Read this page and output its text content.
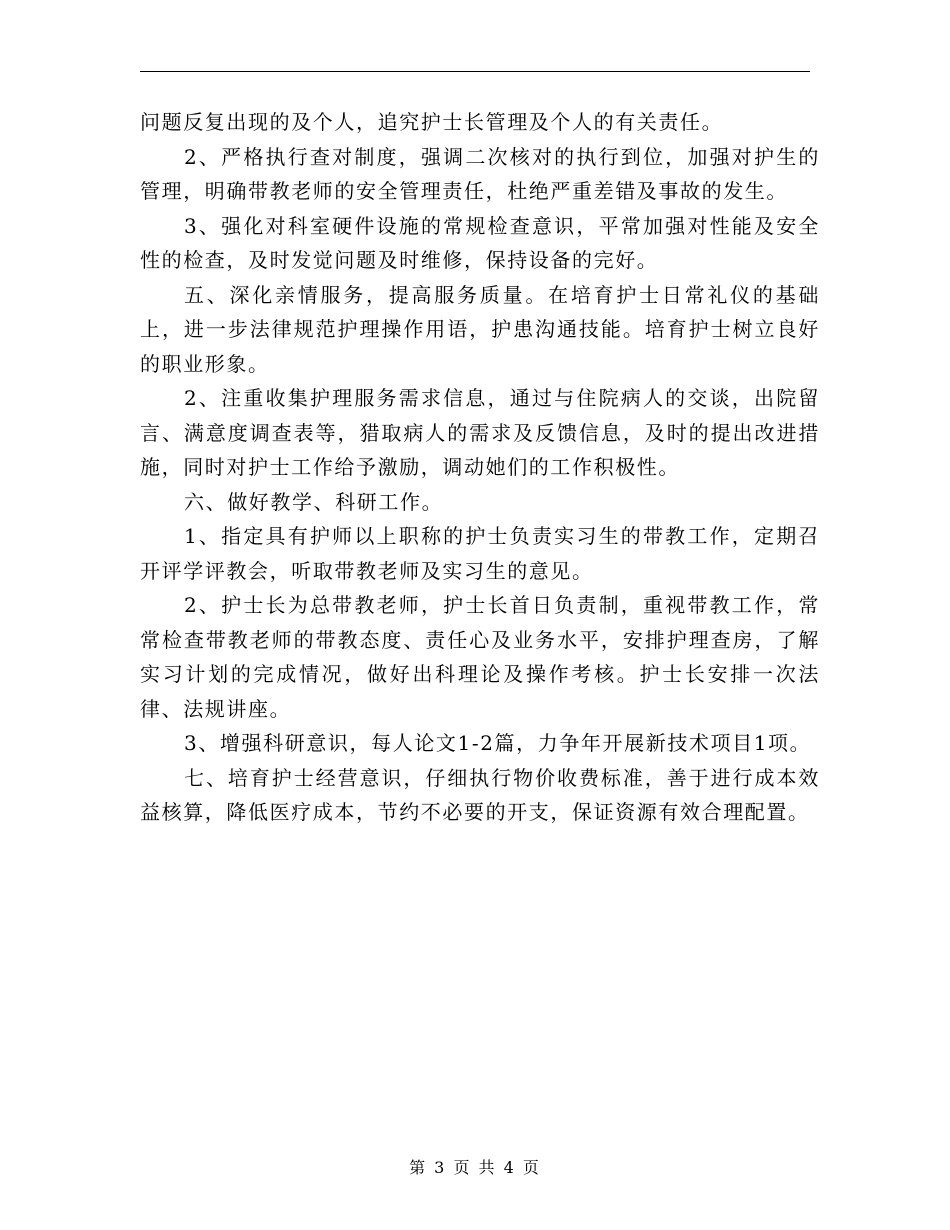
问题反复出现的及个人，追究护士长管理及个人的有关责任。

2、严格执行查对制度，强调二次核对的执行到位，加强对护生的管理，明确带教老师的安全管理责任，杜绝严重差错及事故的发生。

3、强化对科室硬件设施的常规检查意识，平常加强对性能及安全性的检查，及时发觉问题及时维修，保持设备的完好。

五、深化亲情服务，提高服务质量。在培育护士日常礼仪的基础上，进一步法律规范护理操作用语，护患沟通技能。培育护士树立良好的职业形象。

2、注重收集护理服务需求信息，通过与住院病人的交谈，出院留言、满意度调查表等，猎取病人的需求及反馈信息，及时的提出改进措施，同时对护士工作给予激励，调动她们的工作积极性。

六、做好教学、科研工作。

1、指定具有护师以上职称的护士负责实习生的带教工作，定期召开评学评教会，听取带教老师及实习生的意见。

2、护士长为总带教老师，护士长首日负责制，重视带教工作，常常检查带教老师的带教态度、责任心及业务水平，安排护理查房，了解实习计划的完成情况，做好出科理论及操作考核。护士长安排一次法律、法规讲座。

3、增强科研意识，每人论文1-2篇，力争年开展新技术项目1项。

七、培育护士经营意识，仔细执行物价收费标准，善于进行成本效益核算，降低医疗成本，节约不必要的开支，保证资源有效合理配置。

第 3 页 共 4 页
